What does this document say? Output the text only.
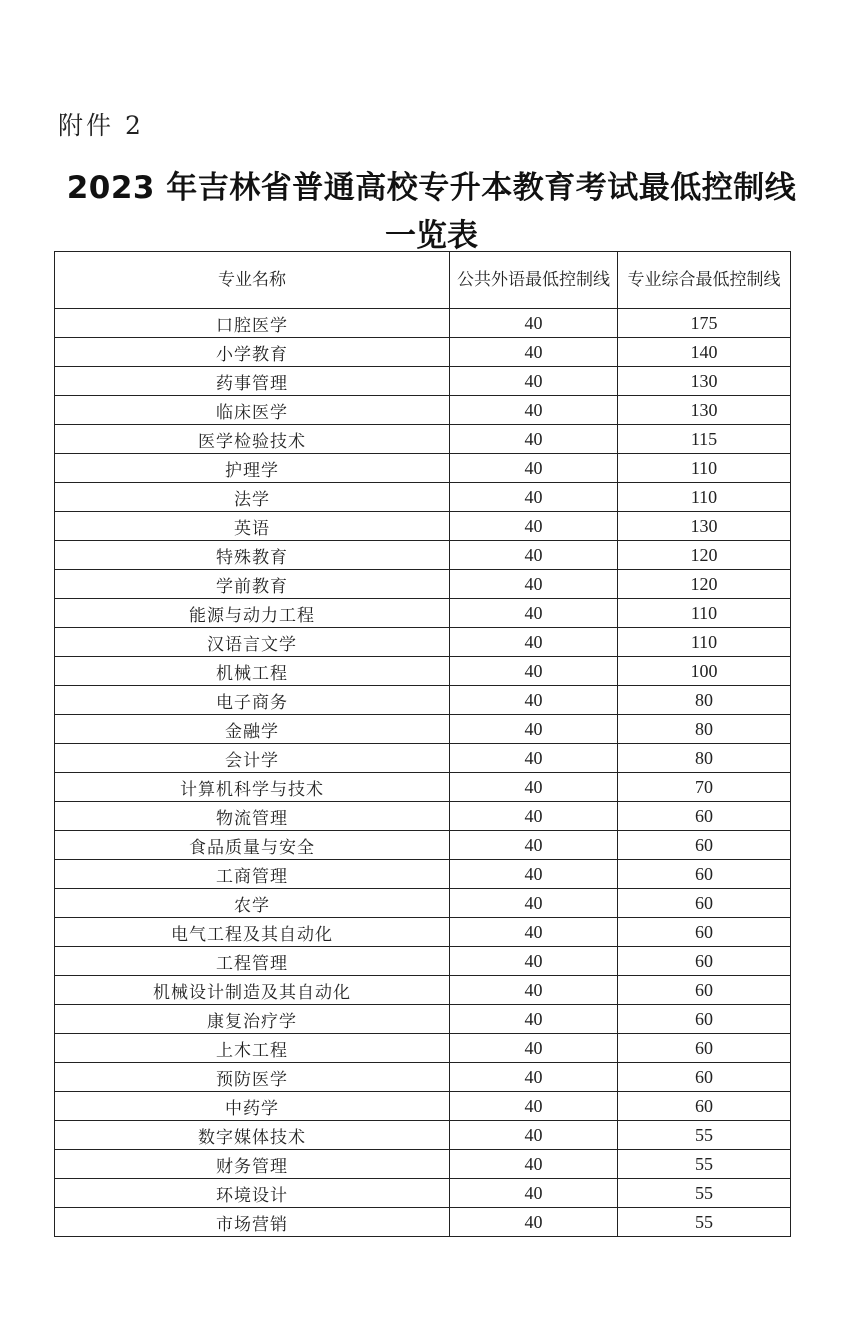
附件 2
2023 年吉林省普通高校专升本教育考试最低控制线
一览表
专业名称	公共外语最低控制线	专业综合最低控制线
口腔医学	40	175
小学教育	40	140
药事管理	40	130
临床医学	40	130
医学检验技术	40	115
护理学	40	110
法学	40	110
英语	40	130
特殊教育	40	120
学前教育	40	120
能源与动力工程	40	110
汉语言文学	40	110
机械工程	40	100
电子商务	40	80
金融学	40	80
会计学	40	80
计算机科学与技术	40	70
物流管理	40	60
食品质量与安全	40	60
工商管理	40	60
农学	40	60
电气工程及其自动化	40	60
工程管理	40	60
机械设计制造及其自动化	40	60
康复治疗学	40	60
上木工程	40	60
预防医学	40	60
中药学	40	60
数字媒体技术	40	55
财务管理	40	55
环境设计	40	55
市场营销	40	55
